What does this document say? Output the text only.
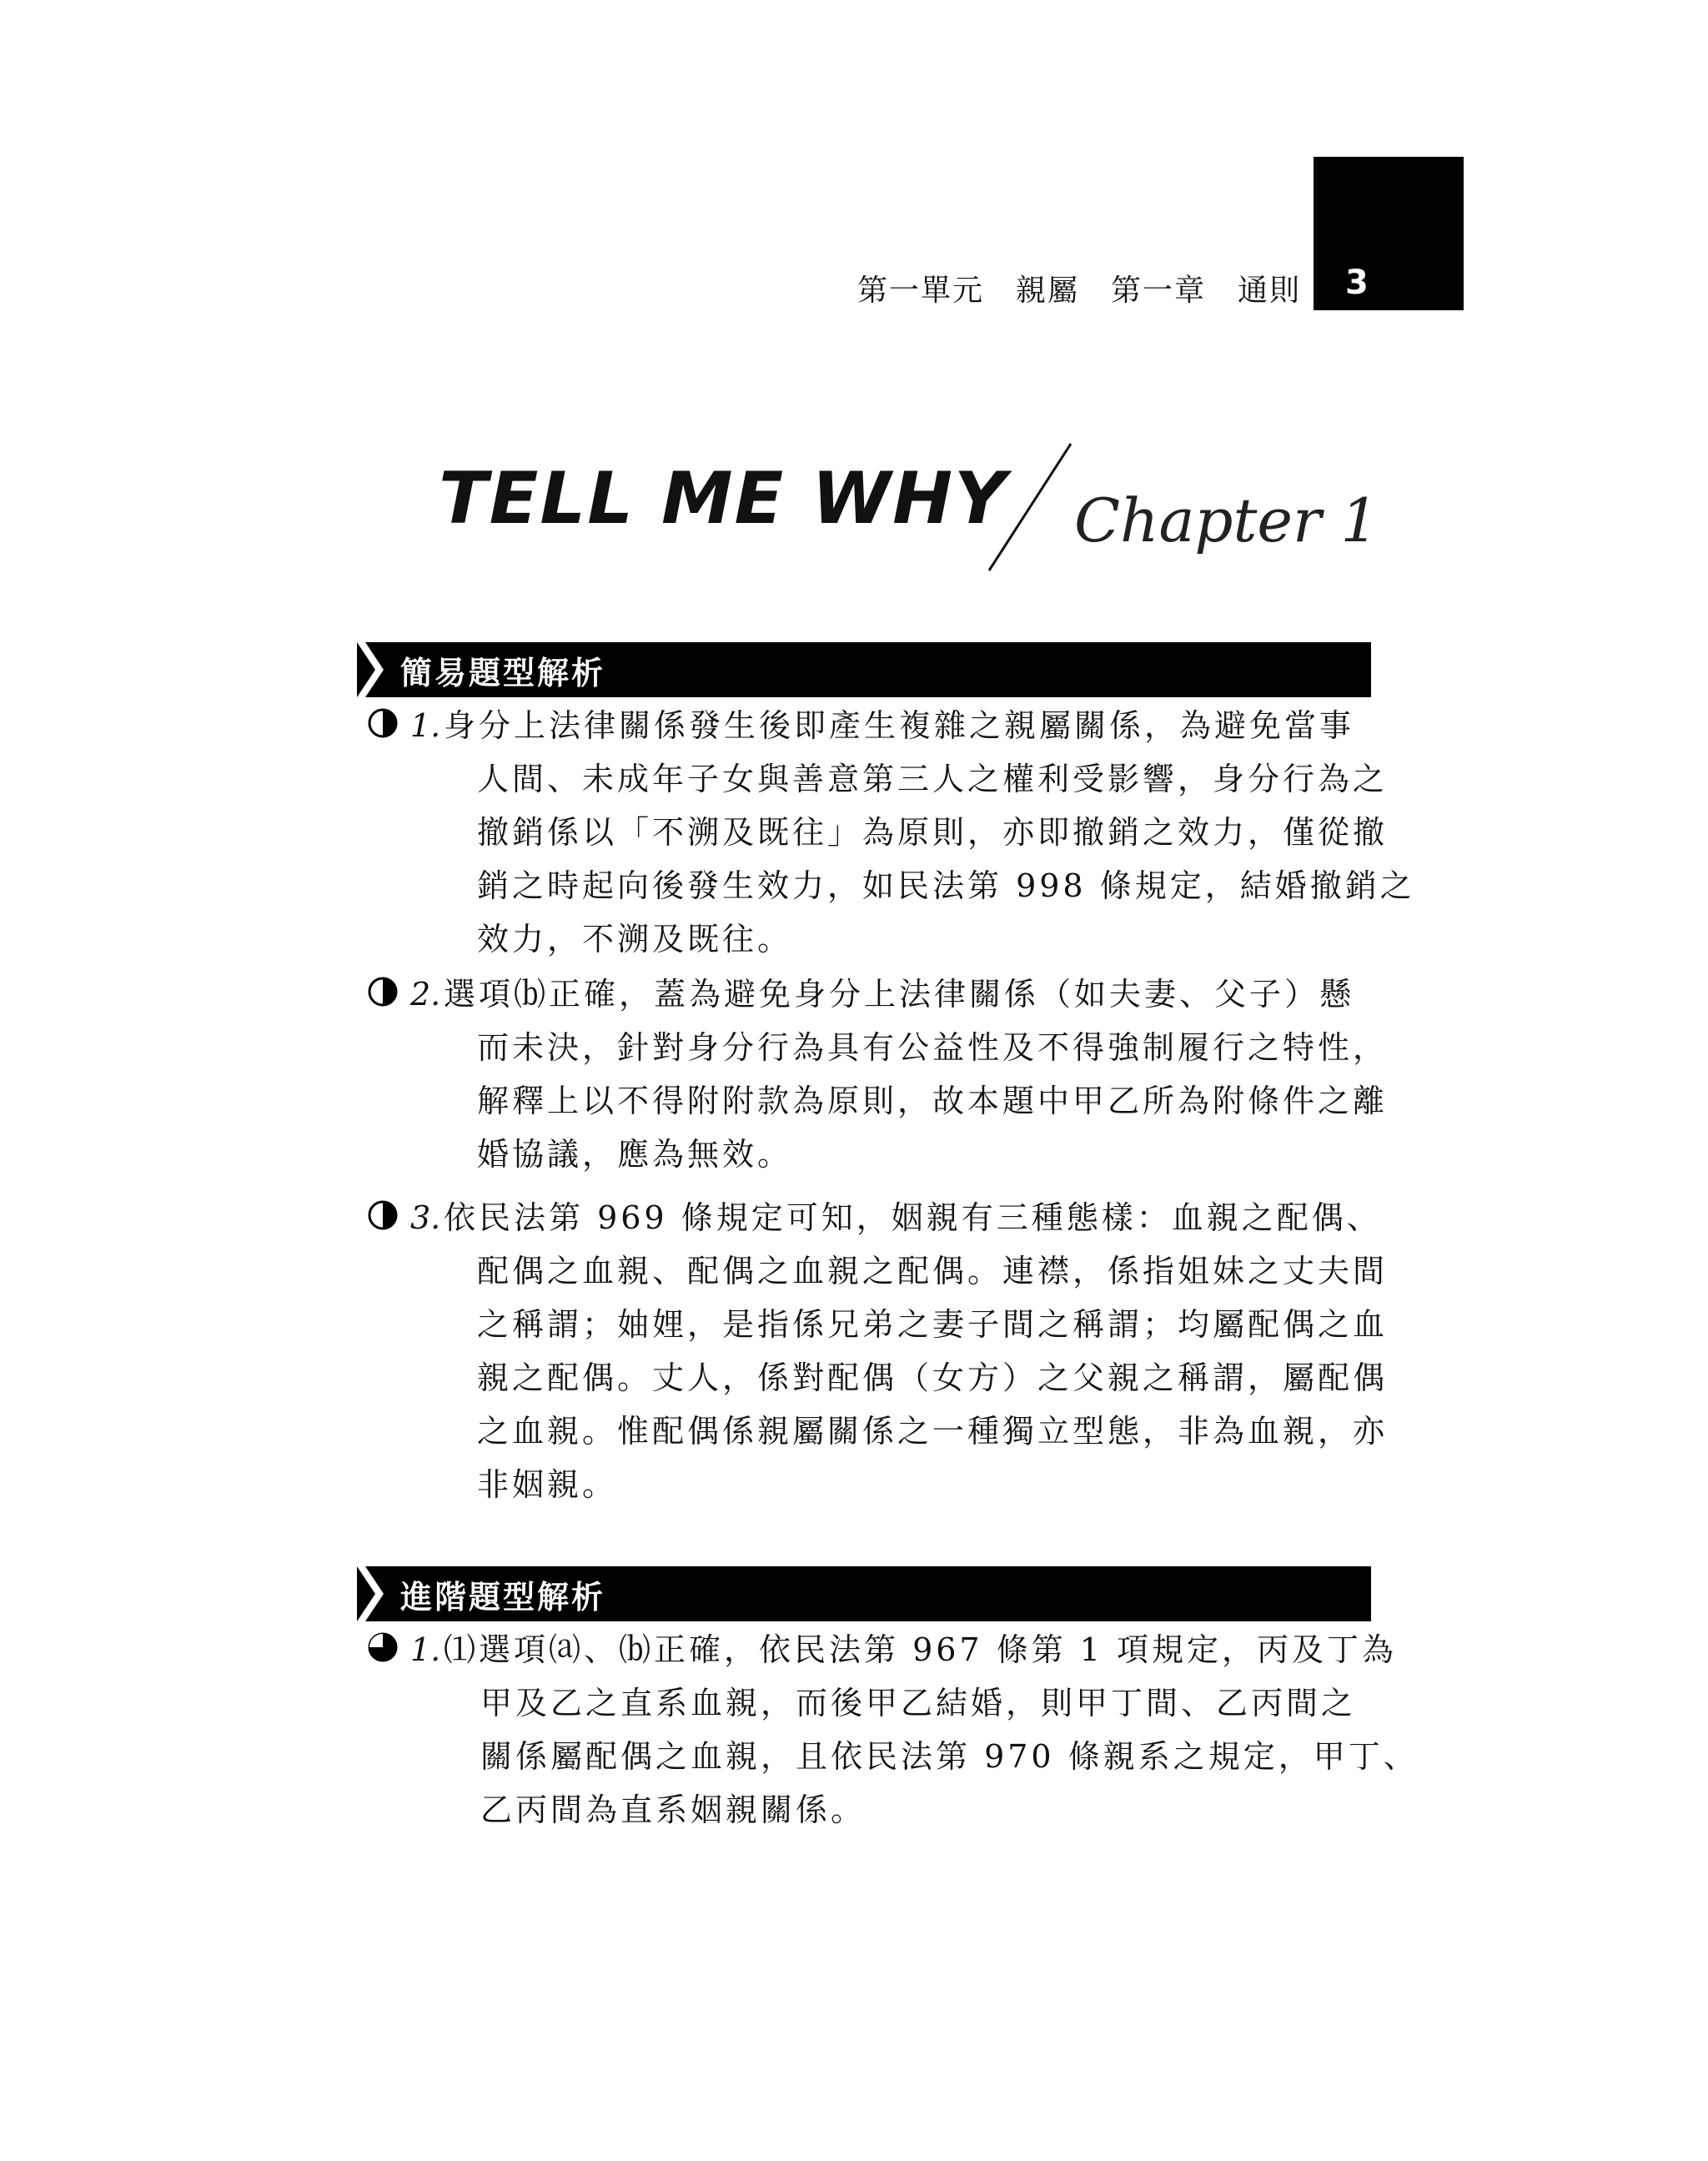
第一單元　親屬　第一章　通則 3
TELL ME WHY Chapter 1
簡易題型解析
1. 身分上法律關係發生後即產生複雜之親屬關係，為避免當事
人間、未成年子女與善意第三人之權利受影響，身分行為之
撤銷係以「不溯及既往」為原則，亦即撤銷之效力，僅從撤
銷之時起向後發生效力，如民法第 998 條規定，結婚撤銷之
效力，不溯及既往。
2. 選項⒝正確，蓋為避免身分上法律關係（如夫妻、父子）懸
而未決，針對身分行為具有公益性及不得強制履行之特性，
解釋上以不得附附款為原則，故本題中甲乙所為附條件之離
婚協議，應為無效。
3. 依民法第 969 條規定可知，姻親有三種態樣：血親之配偶、
配偶之血親、配偶之血親之配偶。連襟，係指姐妹之丈夫間
之稱謂；妯娌，是指係兄弟之妻子間之稱謂；均屬配偶之血
親之配偶。丈人，係對配偶（女方）之父親之稱謂，屬配偶
之血親。惟配偶係親屬關係之一種獨立型態，非為血親，亦
非姻親。
進階題型解析
1. ⑴選項⒜、⒝正確，依民法第 967 條第 1 項規定，丙及丁為
甲及乙之直系血親，而後甲乙結婚，則甲丁間、乙丙間之
關係屬配偶之血親，且依民法第 970 條親系之規定，甲丁、
乙丙間為直系姻親關係。
